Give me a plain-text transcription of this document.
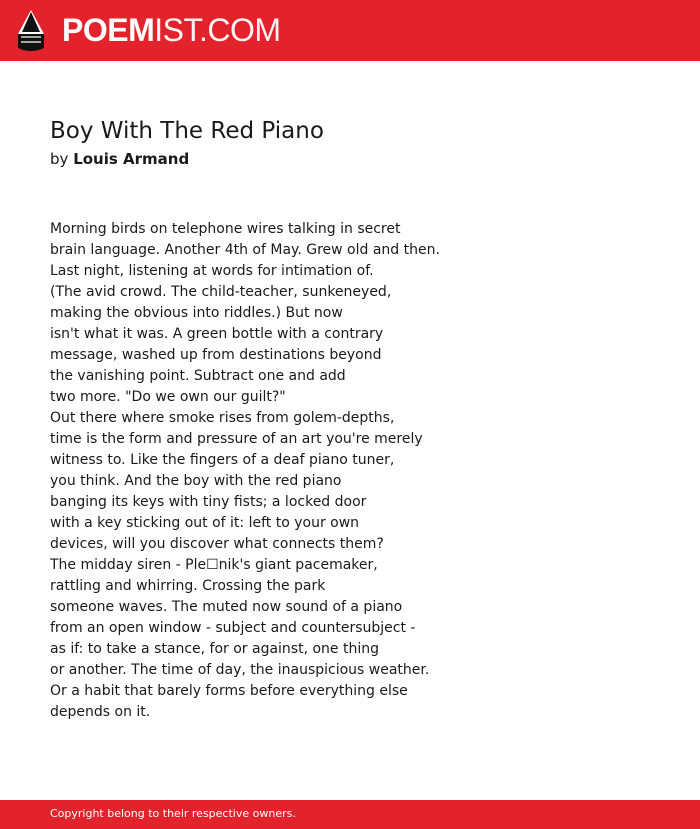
POEMIST.COM
Boy With The Red Piano
by Louis Armand
Morning birds on telephone wires talking in secret
brain language. Another 4th of May. Grew old and then.
Last night, listening at words for intimation of.
(The avid crowd. The child-teacher, sunkeneyed,
making the obvious into riddles.) But now
isn't what it was. A green bottle with a contrary
message, washed up from destinations beyond
the vanishing point. Subtract one and add
two more. "Do we own our guilt?"
Out there where smoke rises from golem-depths,
time is the form and pressure of an art you're merely
witness to. Like the fingers of a deaf piano tuner,
you think. And the boy with the red piano
banging its keys with tiny fists; a locked door
with a key sticking out of it: left to your own
devices, will you discover what connects them?
The midday siren - Ple☐nik's giant pacemaker,
rattling and whirring. Crossing the park
someone waves. The muted now sound of a piano
from an open window - subject and countersubject -
as if: to take a stance, for or against, one thing
or another. The time of day, the inauspicious weather.
Or a habit that barely forms before everything else
depends on it.
Copyright belong to their respective owners.
